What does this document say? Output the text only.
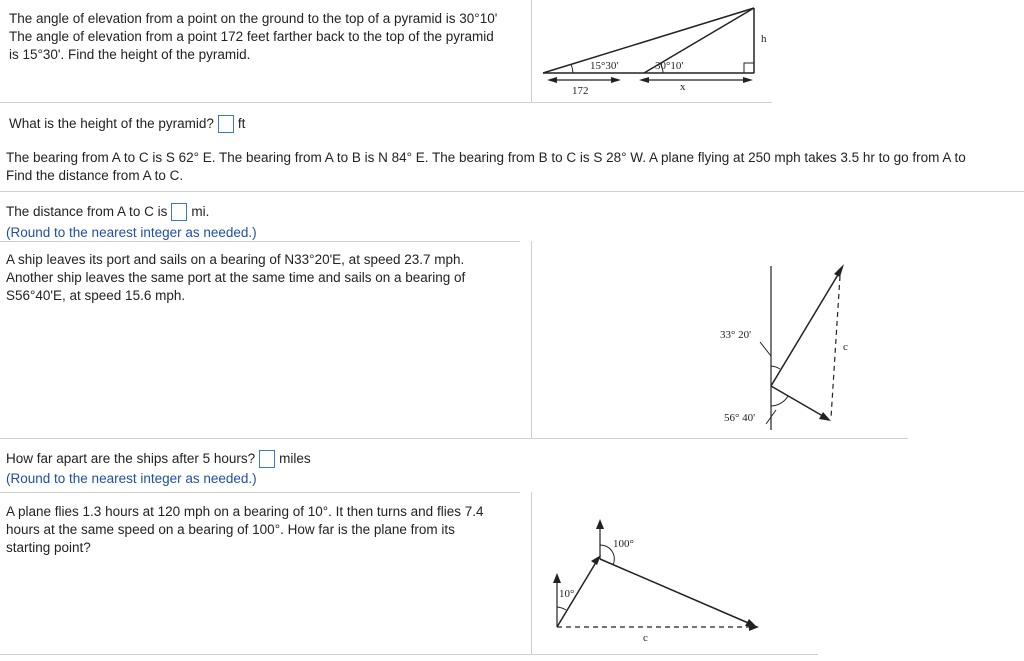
The angle of elevation from a point on the ground to the top of a pyramid is 30°10'
The angle of elevation from a point 172 feet farther back to the top of the pyramid
is 15°30'. Find the height of the pyramid.
15°30'	30°10'
h
172	x
What is the height of the pyramid? ft
The bearing from A to C is S 62° E. The bearing from A to B is N 84° E. The bearing from B to C is S 28° W. A plane flying at 250 mph takes 3.5 hr to go from A to
Find the distance from A to C.
The distance from A to C is mi.
(Round to the nearest integer as needed.)
A ship leaves its port and sails on a bearing of N33°20'E, at speed 23.7 mph.
Another ship leaves the same port at the same time and sails on a bearing of
S56°40'E, at speed 15.6 mph.
33° 20'
56° 40'
c
How far apart are the ships after 5 hours? miles
(Round to the nearest integer as needed.)
A plane flies 1.3 hours at 120 mph on a bearing of 10°. It then turns and flies 7.4
hours at the same speed on a bearing of 100°. How far is the plane from its
starting point?
10°
100°
c
